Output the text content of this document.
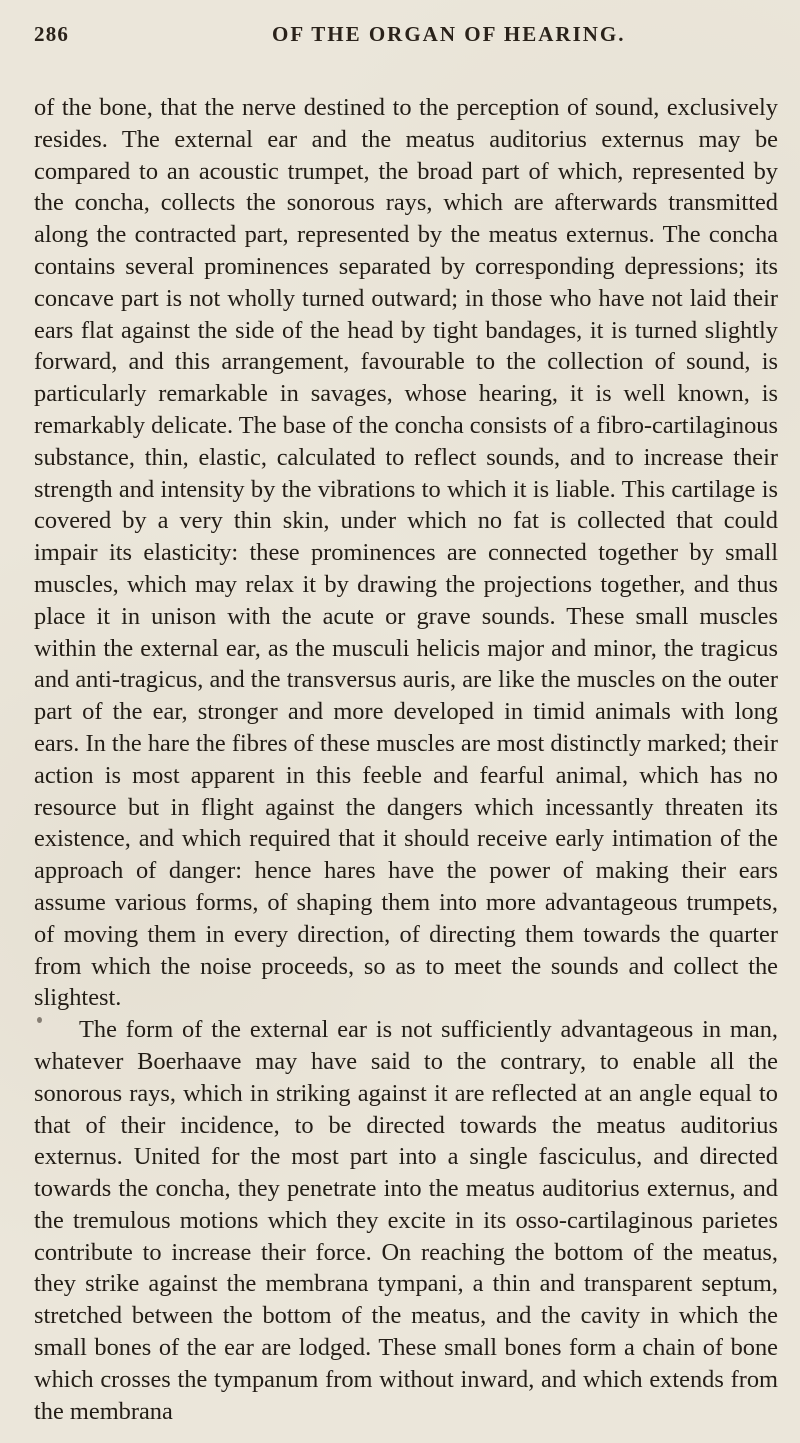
286	OF THE ORGAN OF HEARING.

of the bone, that the nerve destined to the perception of sound, exclusively resides. The external ear and the meatus auditorius externus may be compared to an acoustic trumpet, the broad part of which, represented by the concha, collects the sonorous rays, which are afterwards transmitted along the contracted part, represented by the meatus externus. The concha contains several prominences separated by corresponding depressions; its concave part is not wholly turned outward; in those who have not laid their ears flat against the side of the head by tight bandages, it is turned slightly forward, and this arrangement, favourable to the collection of sound, is particularly remarkable in savages, whose hearing, it is well known, is remarkably delicate. The base of the concha consists of a fibro-cartilaginous substance, thin, elastic, calculated to reflect sounds, and to increase their strength and intensity by the vibrations to which it is liable. This cartilage is covered by a very thin skin, under which no fat is collected that could impair its elasticity: these prominences are connected together by small muscles, which may relax it by drawing the projections together, and thus place it in unison with the acute or grave sounds. These small muscles within the external ear, as the musculi helicis major and minor, the tragicus and anti-tragicus, and the transversus auris, are like the muscles on the outer part of the ear, stronger and more developed in timid animals with long ears. In the hare the fibres of these muscles are most distinctly marked; their action is most apparent in this feeble and fearful animal, which has no resource but in flight against the dangers which incessantly threaten its existence, and which required that it should receive early intimation of the approach of danger: hence hares have the power of making their ears assume various forms, of shaping them into more advantageous trumpets, of moving them in every direction, of directing them towards the quarter from which the noise proceeds, so as to meet the sounds and collect the slightest.

The form of the external ear is not sufficiently advantageous in man, whatever Boerhaave may have said to the contrary, to enable all the sonorous rays, which in striking against it are reflected at an angle equal to that of their incidence, to be directed towards the meatus auditorius externus. United for the most part into a single fasciculus, and directed towards the concha, they penetrate into the meatus auditorius externus, and the tremulous motions which they excite in its osso-cartilaginous parietes contribute to increase their force. On reaching the bottom of the meatus, they strike against the membrana tympani, a thin and transparent septum, stretched between the bottom of the meatus, and the cavity in which the small bones of the ear are lodged. These small bones form a chain of bone which crosses the tympanum from without inward, and which extends from the membrana
